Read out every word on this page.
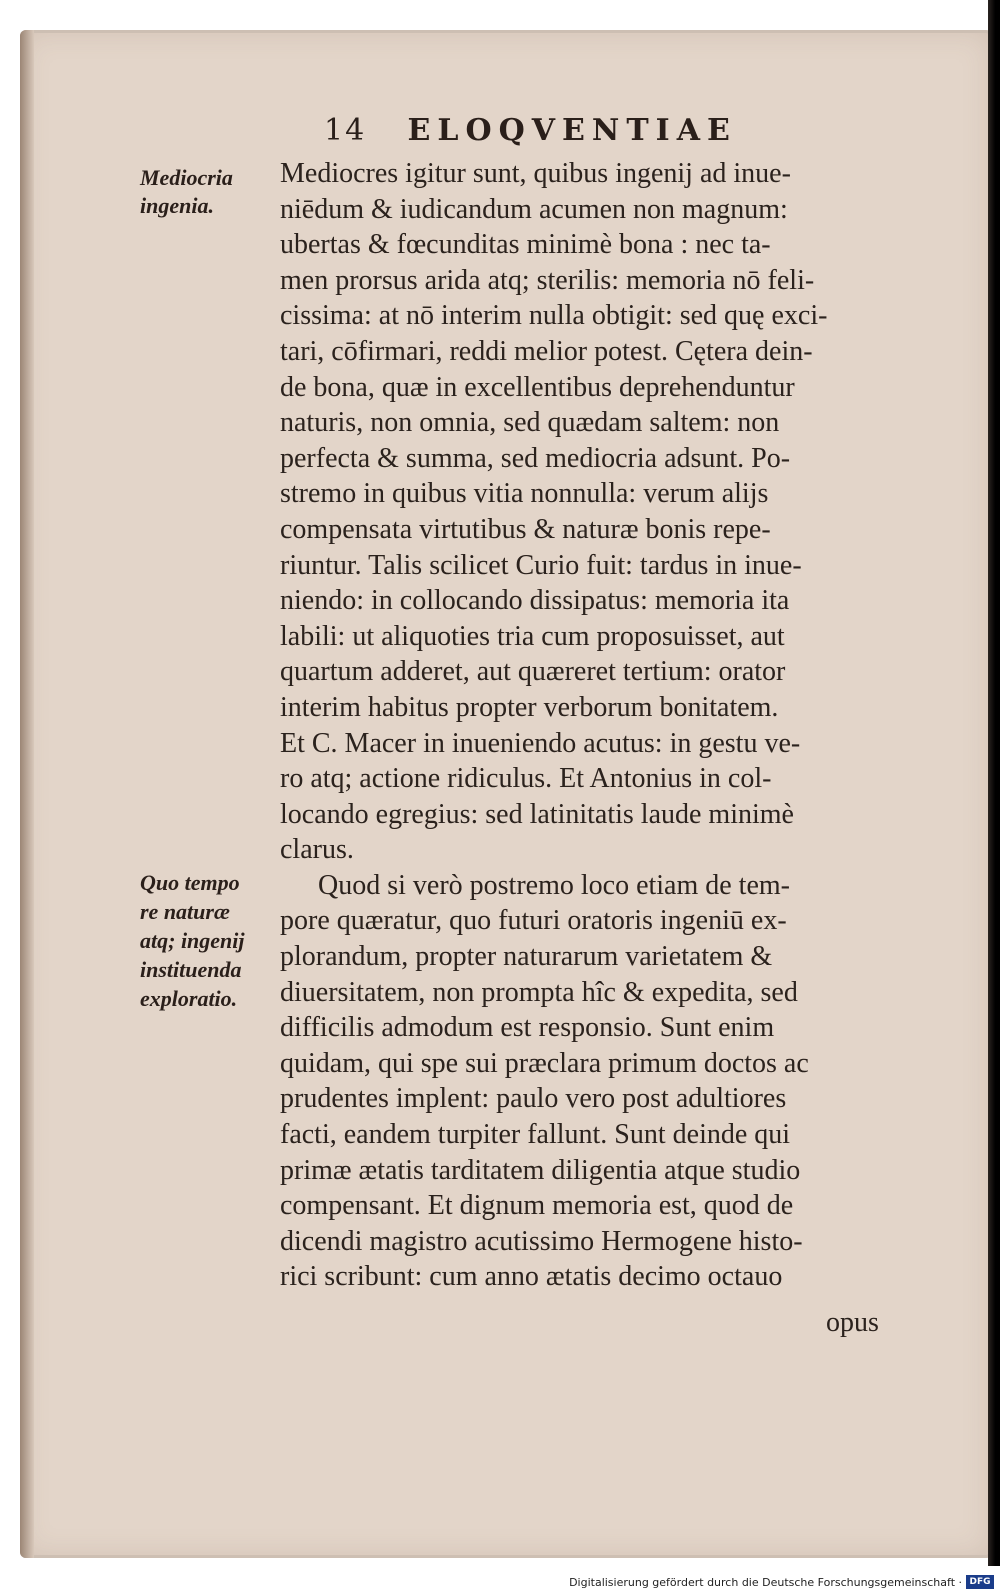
14 ELOQVENTIAE
Mediocria
ingenia.
Quo tempo
re naturæ
atq; ingenij
instituenda
exploratio.
Mediocres igitur sunt, quibus ingenij ad inue-
niēdum & iudicandum acumen non magnum:
ubertas & fœcunditas minimè bona : nec ta-
men prorsus arida atq; sterilis: memoria nō feli-
cissima: at nō interim nulla obtigit: sed quę exci-
tari, cōfirmari, reddi melior potest. Cętera dein-
de bona, quæ in excellentibus deprehenduntur
naturis, non omnia, sed quædam saltem: non
perfecta & summa, sed mediocria adsunt. Po-
stremo in quibus vitia nonnulla: verum alijs
compensata virtutibus & naturæ bonis repe-
riuntur. Talis scilicet Curio fuit: tardus in inue-
niendo: in collocando dissipatus: memoria ita
labili: ut aliquoties tria cum proposuisset, aut
quartum adderet, aut quæreret tertium: orator
interim habitus propter verborum bonitatem.
Et C. Macer in inueniendo acutus: in gestu ve-
ro atq; actione ridiculus. Et Antonius in col-
locando egregius: sed latinitatis laude minimè
clarus.
Quod si verò postremo loco etiam de tem-
pore quæratur, quo futuri oratoris ingeniū ex-
plorandum, propter naturarum varietatem &
diuersitatem, non prompta hîc & expedita, sed
difficilis admodum est responsio. Sunt enim
quidam, qui spe sui præclara primum doctos ac
prudentes implent: paulo vero post adultiores
facti, eandem turpiter fallunt. Sunt deinde qui
primæ ætatis tarditatem diligentia atque studio
compensant. Et dignum memoria est, quod de
dicendi magistro acutissimo Hermogene histo-
rici scribunt: cum anno ætatis decimo octauo
opus
Digitalisierung gefördert durch die Deutsche Forschungsgemeinschaft · DFG
